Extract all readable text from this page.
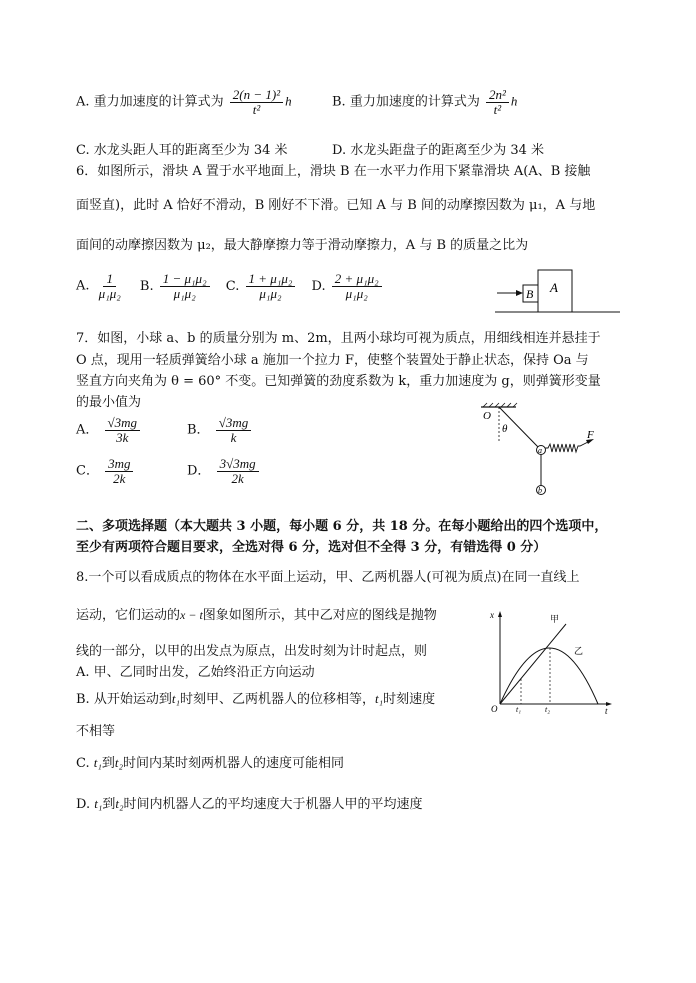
A. 重力加速度的计算式为 $\frac{\text{2(n − 1)²}}{\text{t²}}$ h	B. 重力加速度的计算式为 $\frac{\text{2n²}}{\text{t²}}$ h
C. 水龙头距人耳的距离至少为 34 米	D. 水龙头距盘子的距离至少为 34 米
6．如图所示，滑块 A 置于水平地面上，滑块 B 在一水平力作用下紧靠滑块 A(A、B 接触
面竖直)，此时 A 恰好不滑动，B 刚好不下滑。已知 A 与 B 间的动摩擦因数为 μ₁，A 与地
面间的动摩擦因数为 μ₂，最大静摩擦力等于滑动摩擦力，A 与 B 的质量之比为
A. $\frac{1}{\text{μ₁μ₂}} B$. $\frac{\text{1 − μ₁μ₂}}{\text{μ₁μ₂}} C$. $\frac{\text{1 + μ₁μ₂}}{\text{μ₁μ₂}} D$. $\frac{\text{2 + μ₁μ₂}}{\text{μ₁μ₂}}$	B A
7．如图，小球 a、b 的质量分别为 m、2m，且两小球均可视为质点，用细线相连并悬挂于
O 点，现用一轻质弹簧给小球 a 施加一个拉力 F，使整个装置处于静止状态，保持 Oa 与
竖直方向夹角为 θ = 60° 不变。已知弹簧的劲度系数为 k，重力加速度为 g，则弹簧形变量
的最小值为
A． $\frac{√3mg}{3k}$	B． $\frac{√3mg}{k}$
C． $\frac{3mg}{2k}$	D． $\frac{3√3mg}{2k}$
O
θ
a
b
F
二、多项选择题（本大题共 3 小题，每小题 6 分，共 18 分。在每小题给出的四个选项中，
至少有两项符合题目要求，全选对得 6 分，选对但不全得 3 分，有错选得 0 分）
8.一个可以看成质点的物体在水平面上运动，甲、乙两机器人(可视为质点)在同一直线上
运动，它们运动的x − t图象如图所示，其中乙对应的图线是抛物
线的一部分，以甲的出发点为原点，出发时刻为计时起点，则
A. 甲、乙同时出发，乙始终沿正方向运动
B. 从开始运动到t₁时刻甲、乙两机器人的位移相等，t₁时刻速度
不相等
C. t₁到t₂时间内某时刻两机器人的速度可能相同
D. t₁到t₂时间内机器人乙的平均速度大于机器人甲的平均速度
x
t
O t₁	t₂
甲
乙
